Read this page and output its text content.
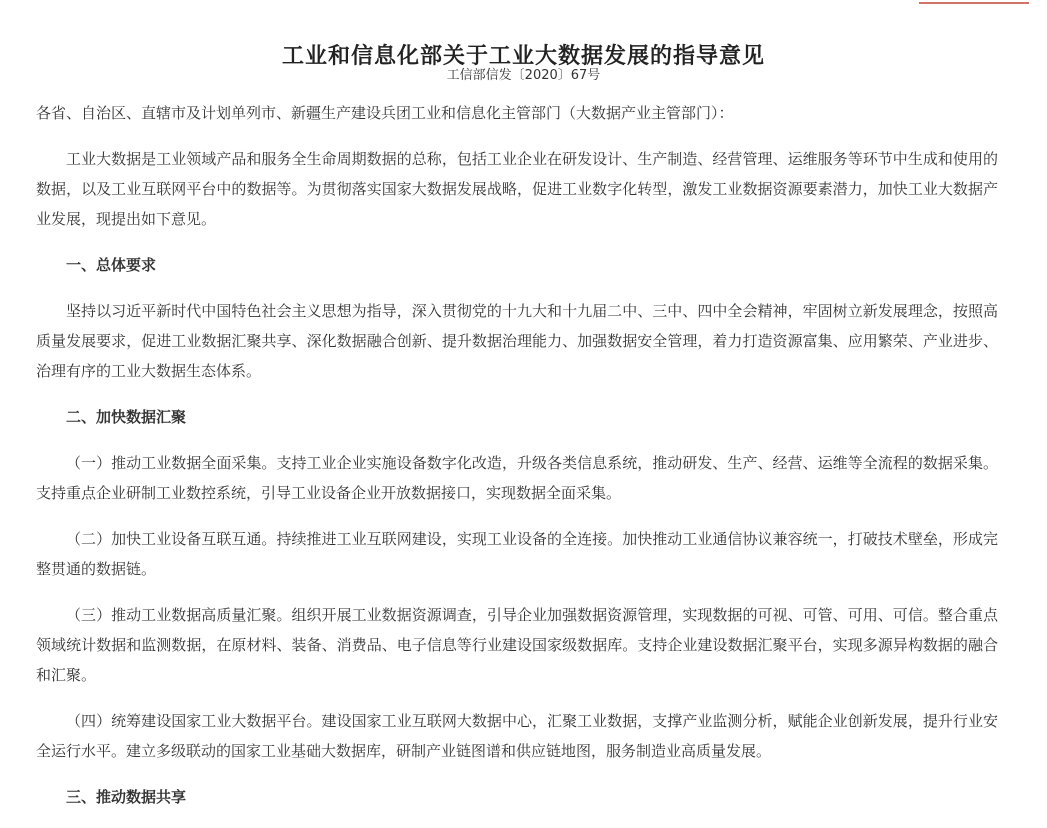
工业和信息化部关于工业大数据发展的指导意见
工信部信发〔2020〕67号

各省、自治区、直辖市及计划单列市、新疆生产建设兵团工业和信息化主管部门（大数据产业主管部门）：

工业大数据是工业领域产品和服务全生命周期数据的总称，包括工业企业在研发设计、生产制造、经营管理、运维服务等环节中生成和使用的数据，以及工业互联网平台中的数据等。为贯彻落实国家大数据发展战略，促进工业数字化转型，激发工业数据资源要素潜力，加快工业大数据产业发展，现提出如下意见。

一、总体要求

坚持以习近平新时代中国特色社会主义思想为指导，深入贯彻党的十九大和十九届二中、三中、四中全会精神，牢固树立新发展理念，按照高质量发展要求，促进工业数据汇聚共享、深化数据融合创新、提升数据治理能力、加强数据安全管理，着力打造资源富集、应用繁荣、产业进步、治理有序的工业大数据生态体系。

二、加快数据汇聚

（一）推动工业数据全面采集。支持工业企业实施设备数字化改造，升级各类信息系统，推动研发、生产、经营、运维等全流程的数据采集。支持重点企业研制工业数控系统，引导工业设备企业开放数据接口，实现数据全面采集。

（二）加快工业设备互联互通。持续推进工业互联网建设，实现工业设备的全连接。加快推动工业通信协议兼容统一，打破技术壁垒，形成完整贯通的数据链。

（三）推动工业数据高质量汇聚。组织开展工业数据资源调查，引导企业加强数据资源管理，实现数据的可视、可管、可用、可信。整合重点领域统计数据和监测数据，在原材料、装备、消费品、电子信息等行业建设国家级数据库。支持企业建设数据汇聚平台，实现多源异构数据的融合和汇聚。

（四）统筹建设国家工业大数据平台。建设国家工业互联网大数据中心，汇聚工业数据，支撑产业监测分析，赋能企业创新发展，提升行业安全运行水平。建立多级联动的国家工业基础大数据库，研制产业链图谱和供应链地图，服务制造业高质量发展。

三、推动数据共享
